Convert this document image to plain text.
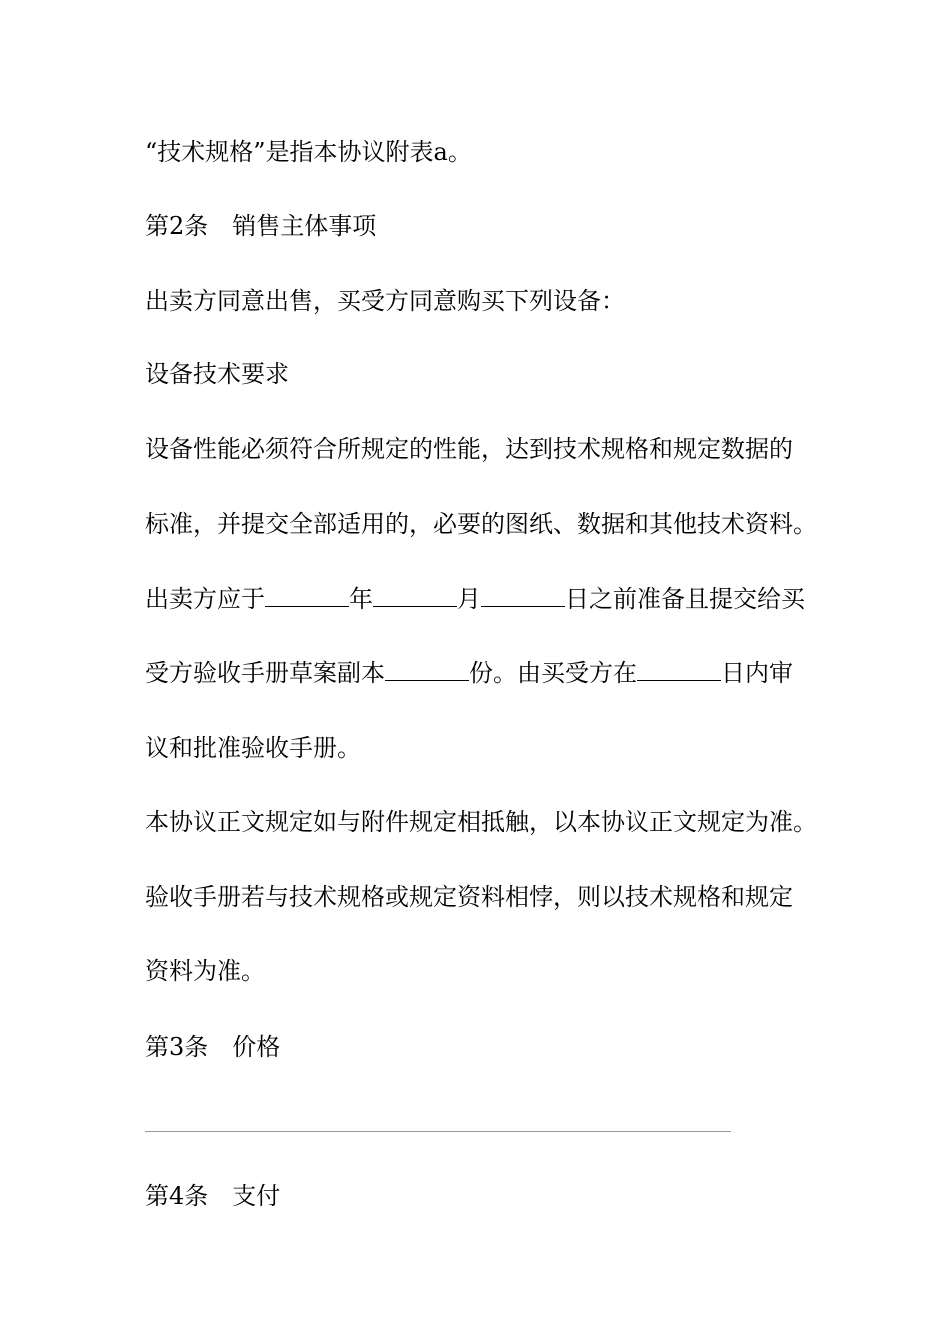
“技术规格”是指本协议附表a。
第2条　销售主体事项
出卖方同意出售，买受方同意购买下列设备：
设备技术要求
设备性能必须符合所规定的性能，达到技术规格和规定数据的
标准，并提交全部适用的，必要的图纸、数据和其他技术资料。
出卖方应于	年	月	日之前准备且提交给买
受方验收手册草案副本	份。由买受方在	日内审
议和批准验收手册。
本协议正文规定如与附件规定相抵触，以本协议正文规定为准。
验收手册若与技术规格或规定资料相悖，则以技术规格和规定
资料为准。
第3条　价格
第4条　支付
